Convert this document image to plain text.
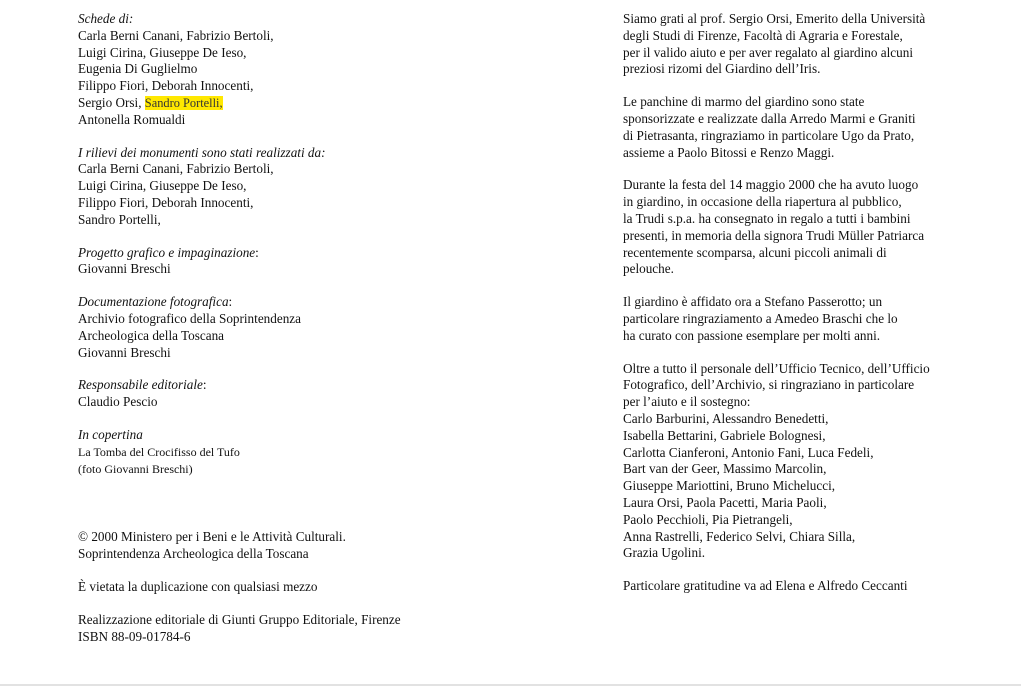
Schede di:
Carla Berni Canani, Fabrizio Bertoli,
Luigi Cirina, Giuseppe De Ieso,
Eugenia Di Guglielmo
Filippo Fiori, Deborah Innocenti,
Sergio Orsi, Sandro Portelli,
Antonella Romualdi
I rilievi dei monumenti sono stati realizzati da:
Carla Berni Canani, Fabrizio Bertoli,
Luigi Cirina, Giuseppe De Ieso,
Filippo Fiori, Deborah Innocenti,
Sandro Portelli,
Progetto grafico e impaginazione:
Giovanni Breschi
Documentazione fotografica:
Archivio fotografico della Soprintendenza
Archeologica della Toscana
Giovanni Breschi
Responsabile editoriale:
Claudio Pescio
In copertina
La Tomba del Crocifisso del Tufo
(foto Giovanni Breschi)
© 2000 Ministero per i Beni e le Attività Culturali.
Soprintendenza Archeologica della Toscana
È vietata la duplicazione con qualsiasi mezzo
Realizzazione editoriale di Giunti Gruppo Editoriale, Firenze
ISBN 88-09-01784-6
Siamo grati al prof. Sergio Orsi, Emerito della Università
degli Studi di Firenze, Facoltà di Agraria e Forestale,
per il valido aiuto e per aver regalato al giardino alcuni
preziosi rizomi del Giardino dell’Iris.
Le panchine di marmo del giardino sono state
sponsorizzate e realizzate dalla Arredo Marmi e Graniti
di Pietrasanta, ringraziamo in particolare Ugo da Prato,
assieme a Paolo Bitossi e Renzo Maggi.
Durante la festa del 14 maggio 2000 che ha avuto luogo
in giardino, in occasione della riapertura al pubblico,
la Trudi s.p.a. ha consegnato in regalo a tutti i bambini
presenti, in memoria della signora Trudi Müller Patriarca
recentemente scomparsa, alcuni piccoli animali di
pelouche.
Il giardino è affidato ora a Stefano Passerotto; un
particolare ringraziamento a Amedeo Braschi che lo
ha curato con passione esemplare per molti anni.
Oltre a tutto il personale dell’Ufficio Tecnico, dell’Ufficio
Fotografico, dell’Archivio, si ringraziano in particolare
per l’aiuto e il sostegno:
Carlo Barburini, Alessandro Benedetti,
Isabella Bettarini, Gabriele Bolognesi,
Carlotta Cianferoni, Antonio Fani, Luca Fedeli,
Bart van der Geer, Massimo Marcolin,
Giuseppe Mariottini, Bruno Michelucci,
Laura Orsi, Paola Pacetti, Maria Paoli,
Paolo Pecchioli, Pia Pietrangeli,
Anna Rastrelli, Federico Selvi, Chiara Silla,
Grazia Ugolini.
Particolare gratitudine va ad Elena e Alfredo Ceccanti
